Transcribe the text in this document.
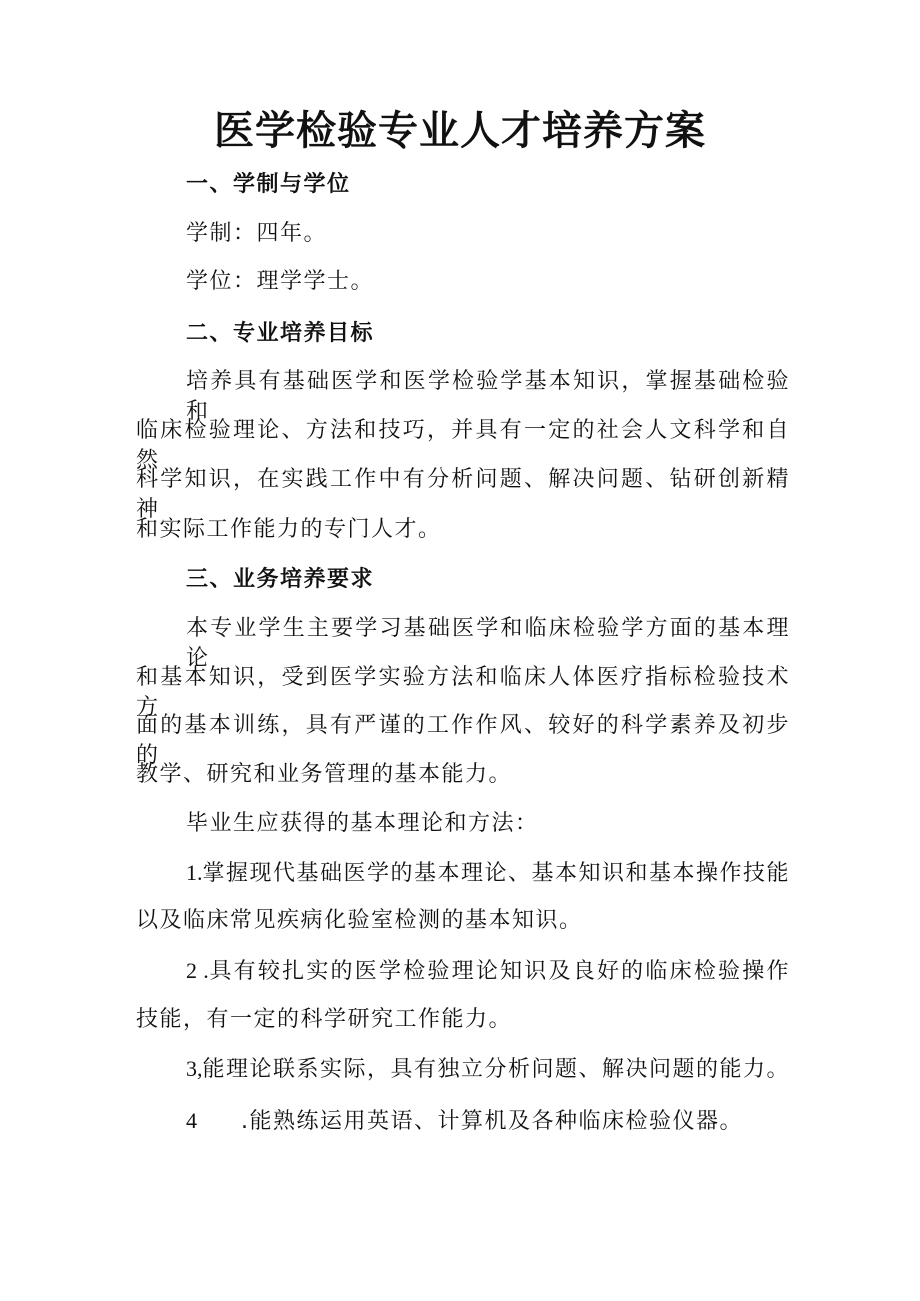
医学检验专业人才培养方案
一、学制与学位
学制：四年。
学位：理学学士。
二、专业培养目标
培养具有基础医学和医学检验学基本知识，掌握基础检验和
临床检验理论、方法和技巧，并具有一定的社会人文科学和自然
科学知识，在实践工作中有分析问题、解决问题、钻研创新精神
和实际工作能力的专门人才。
三、业务培养要求
本专业学生主要学习基础医学和临床检验学方面的基本理论
和基本知识，受到医学实验方法和临床人体医疗指标检验技术方
面的基本训练，具有严谨的工作作风、较好的科学素养及初步的
教学、研究和业务管理的基本能力。
毕业生应获得的基本理论和方法：
1.掌握现代基础医学的基本理论、基本知识和基本操作技能
以及临床常见疾病化验室检测的基本知识。
2 .具有较扎实的医学检验理论知识及良好的临床检验操作
技能，有一定的科学研究工作能力。
3,能理论联系实际，具有独立分析问题、解决问题的能力。
4 .能熟练运用英语、计算机及各种临床检验仪器。
